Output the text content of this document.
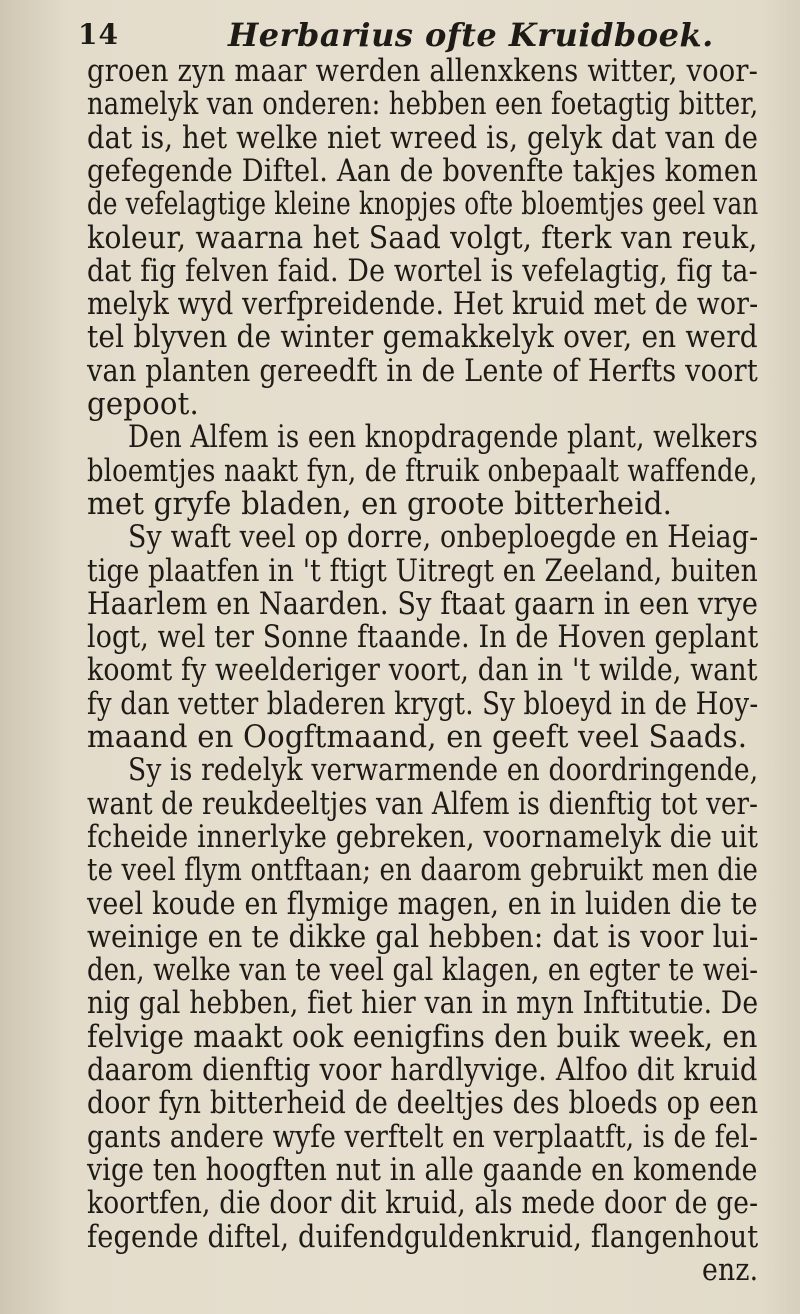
14	Herbarius ofte Kruidboek.
groen zyn maar werden allenxkens witter, voor-
namelyk van onderen: hebben een foetagtig bitter,
dat is, het welke niet wreed is, gelyk dat van de
gefegende Diftel. Aan de bovenfte takjes komen
de vefelagtige kleine knopjes ofte bloemtjes geel van
koleur, waarna het Saad volgt, fterk van reuk,
dat fig felven faid. De wortel is vefelagtig, fig ta-
melyk wyd verfpreidende. Het kruid met de wor-
tel blyven de winter gemakkelyk over, en werd
van planten gereedft in de Lente of Herfts voort
gepoot.
Den Alfem is een knopdragende plant, welkers
bloemtjes naakt fyn, de ftruik onbepaalt waffende,
met gryfe bladen, en groote bitterheid.
Sy waft veel op dorre, onbeploegde en Heiag-
tige plaatfen in 't ftigt Uitregt en Zeeland, buiten
Haarlem en Naarden. Sy ftaat gaarn in een vrye
logt, wel ter Sonne ftaande. In de Hoven geplant
koomt fy weelderiger voort, dan in 't wilde, want
fy dan vetter bladeren krygt. Sy bloeyd in de Hoy-
maand en Oogftmaand, en geeft veel Saads.
Sy is redelyk verwarmende en doordringende,
want de reukdeeltjes van Alfem is dienftig tot ver-
fcheide innerlyke gebreken, voornamelyk die uit
te veel flym ontftaan; en daarom gebruikt men die
veel koude en flymige magen, en in luiden die te
weinige en te dikke gal hebben: dat is voor lui-
den, welke van te veel gal klagen, en egter te wei-
nig gal hebben, fiet hier van in myn Inftitutie. De
felvige maakt ook eenigfins den buik week, en
daarom dienftig voor hardlyvige. Alfoo dit kruid
door fyn bitterheid de deeltjes des bloeds op een
gants andere wyfe verftelt en verplaatft, is de fel-
vige ten hoogften nut in alle gaande en komende
koortfen, die door dit kruid, als mede door de ge-
fegende diftel, duifendguldenkruid, flangenhout
enz.
